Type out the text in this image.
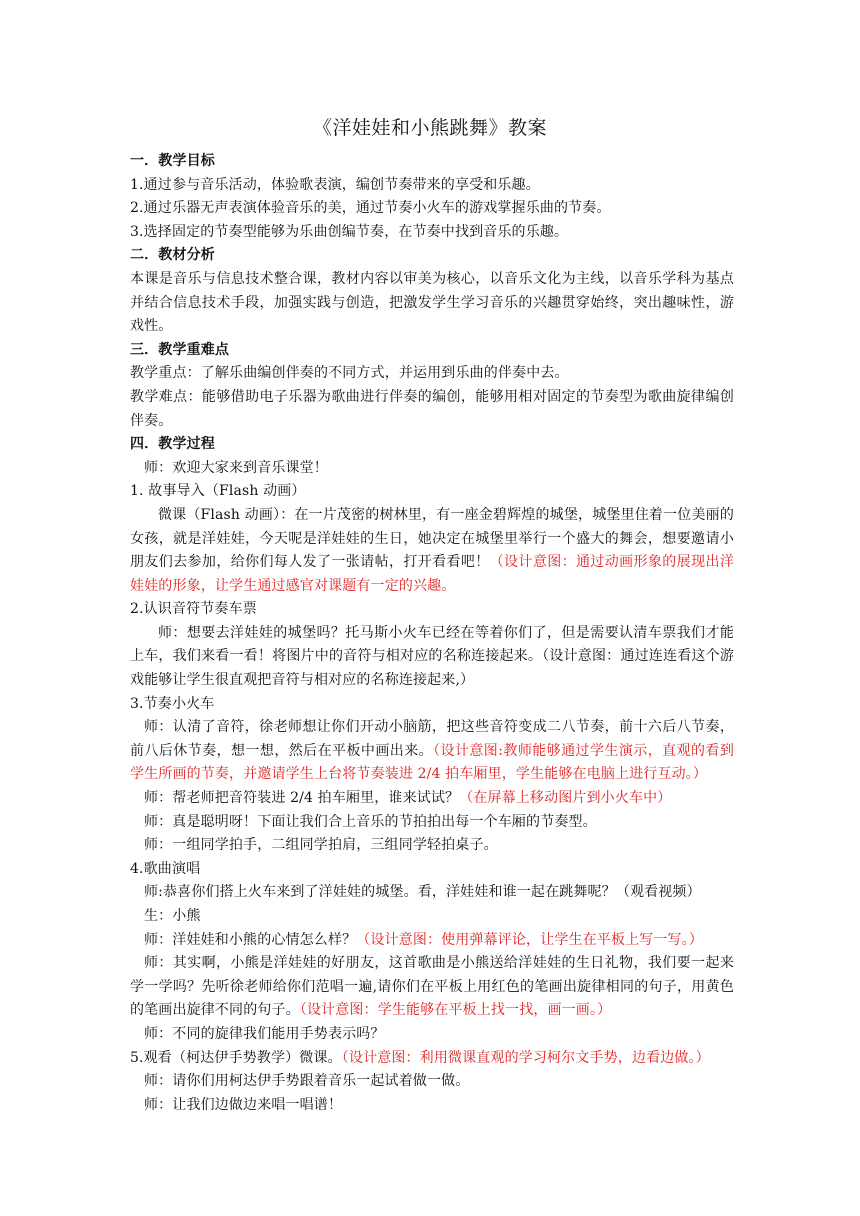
《洋娃娃和小熊跳舞》教案

一．教学目标

1.通过参与音乐活动，体验歌表演，编创节奏带来的享受和乐趣。

2.通过乐器无声表演体验音乐的美，通过节奏小火车的游戏掌握乐曲的节奏。

3.选择固定的节奏型能够为乐曲创编节奏，在节奏中找到音乐的乐趣。

二．教材分析

本课是音乐与信息技术整合课，教材内容以审美为核心，以音乐文化为主线，以音乐学科为基点并结合信息技术手段，加强实践与创造，把激发学生学习音乐的兴趣贯穿始终，突出趣味性，游戏性。

三．教学重难点

教学重点：了解乐曲编创伴奏的不同方式，并运用到乐曲的伴奏中去。

教学难点：能够借助电子乐器为歌曲进行伴奏的编创，能够用相对固定的节奏型为歌曲旋律编创伴奏。

四．教学过程

师：欢迎大家来到音乐课堂！

1. 故事导入（Flash 动画）

微课（Flash 动画）：在一片茂密的树林里，有一座金碧辉煌的城堡，城堡里住着一位美丽的女孩，就是洋娃娃，今天呢是洋娃娃的生日，她决定在城堡里举行一个盛大的舞会，想要邀请小朋友们去参加，给你们每人发了一张请帖，打开看看吧！（设计意图：通过动画形象的展现出洋娃娃的形象，让学生通过感官对课题有一定的兴趣。

2.认识音符节奏车票

师：想要去洋娃娃的城堡吗？托马斯小火车已经在等着你们了，但是需要认清车票我们才能上车，我们来看一看！将图片中的音符与相对应的名称连接起来。（设计意图：通过连连看这个游戏能够让学生很直观把音符与相对应的名称连接起来,）

3.节奏小火车

师：认清了音符，徐老师想让你们开动小脑筋，把这些音符变成二八节奏，前十六后八节奏，前八后休节奏，想一想，然后在平板中画出来。（设计意图:教师能够通过学生演示，直观的看到学生所画的节奏，并邀请学生上台将节奏装进 2/4 拍车厢里，学生能够在电脑上进行互动。）

师：帮老师把音符装进 2/4 拍车厢里，谁来试试？（在屏幕上移动图片到小火车中）

师：真是聪明呀！下面让我们合上音乐的节拍拍出每一个车厢的节奏型。

师：一组同学拍手，二组同学拍肩，三组同学轻拍桌子。

4.歌曲演唱

师:恭喜你们搭上火车来到了洋娃娃的城堡。看，洋娃娃和谁一起在跳舞呢？（观看视频）

生：小熊

师：洋娃娃和小熊的心情怎么样？（设计意图：使用弹幕评论，让学生在平板上写一写。）

师：其实啊，小熊是洋娃娃的好朋友，这首歌曲是小熊送给洋娃娃的生日礼物，我们要一起来学一学吗？先听徐老师给你们范唱一遍,请你们在平板上用红色的笔画出旋律相同的句子，用黄色的笔画出旋律不同的句子。（设计意图：学生能够在平板上找一找，画一画。）

师：不同的旋律我们能用手势表示吗？

5.观看（柯达伊手势教学）微课。（设计意图：利用微课直观的学习柯尔文手势，边看边做。）

师：请你们用柯达伊手势跟着音乐一起试着做一做。

师：让我们边做边来唱一唱谱！
